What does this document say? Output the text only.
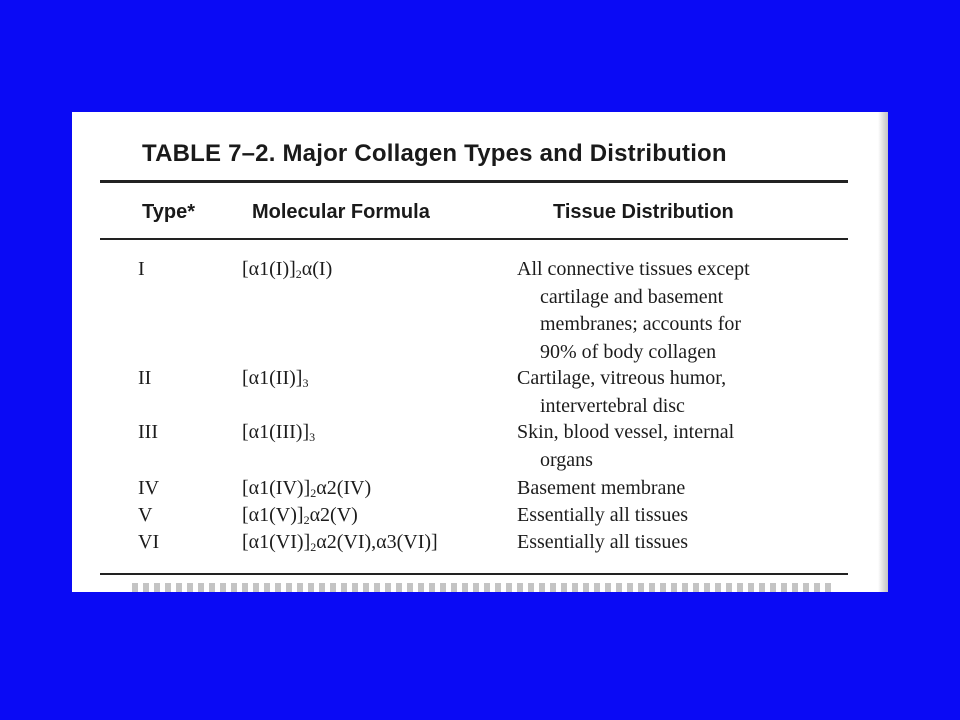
TABLE 7–2. Major Collagen Types and Distribution
Type*	Molecular Formula	Tissue Distribution
I	$[\alpha 1(I)]_2\alpha(I)$	All connective tissues except
cartilage and basement
membranes; accounts for
90% of body collagen
II	$[\alpha 1(II)]_3$	Cartilage, vitreous humor,
intervertebral disc
III	$[\alpha 1(III)]_3$	Skin, blood vessel, internal
organs
IV	$[\alpha 1(IV)]_2\alpha 2(IV)$	Basement membrane
V	$[\alpha 1(V)]_2\alpha 2(V)$	Essentially all tissues
VI	$[\alpha 1(VI)]_2\alpha 2(VI),\alpha 3(VI)$]	Essentially all tissues
